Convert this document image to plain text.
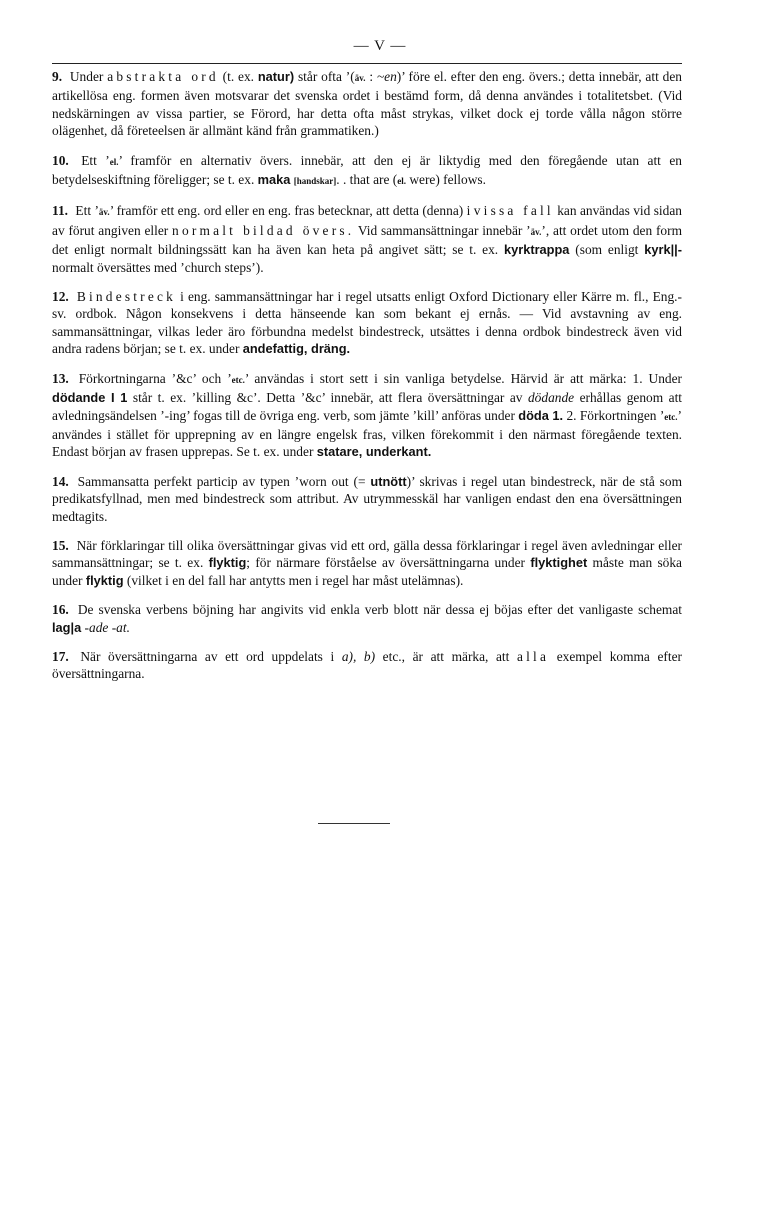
— V —

9. Under abstrakta ord (t. ex. natur) står ofta ’(äv. : ~en)’ före el. efter den eng. övers.; detta innebär, att den artikellösa eng. formen även motsvarar det svenska ordet i bestämd form, då denna användes i totalitetsbet. (Vid nedskärningen av vissa partier, se Förord, har detta ofta måst strykas, vilket dock ej torde vålla någon större olägenhet, då företeelsen är allmänt känd från grammatiken.)

10. Ett ’el.’ framför en alternativ övers. innebär, att den ej är liktydig med den föregående utan att en betydelseskiftning föreligger; se t. ex. maka [handskar]. . that are (el. were) fellows.

11. Ett ’äv.’ framför ett eng. ord eller en eng. fras betecknar, att detta (denna) i vissa fall kan användas vid sidan av förut angiven eller normalt bildad övers. Vid sammansättningar innebär ’äv.’, att ordet utom den form det enligt normalt bildningssätt kan ha även kan heta på angivet sätt; se t. ex. kyrktrappa (som enligt kyrk||- normalt översättes med ’church steps’).

12. Bindestreck i eng. sammansättningar har i regel utsatts enligt Oxford Dictionary eller Kärre m. fl., Eng.-sv. ordbok. Någon konsekvens i detta hänseende kan som bekant ej ernås. — Vid avstavning av eng. sammansättningar, vilkas leder äro förbundna medelst bindestreck, utsättes i denna ordbok bindestreck även vid andra radens början; se t. ex. under andefattig, dräng.

13. Förkortningarna ’&c’ och ’etc.’ användas i stort sett i sin vanliga betydelse. Härvid är att märka: 1. Under dödande I 1 står t. ex. ’killing &c’. Detta ’&c’ innebär, att flera översättningar av dödande erhållas genom att avledningsändelsen ’-ing’ fogas till de övriga eng. verb, som jämte ’kill’ anföras under döda 1. 2. Förkortningen ’etc.’ användes i stället för upprepning av en längre engelsk fras, vilken förekommit i den närmast föregående texten. Endast början av frasen upprepas. Se t. ex. under statare, underkant.

14. Sammansatta perfekt particip av typen ’worn out (= utnött)’ skrivas i regel utan bindestreck, när de stå som predikatsfyllnad, men med bindestreck som attribut. Av utrymmesskäl har vanligen endast den ena översättningen medtagits.

15. När förklaringar till olika översättningar givas vid ett ord, gälla dessa förklaringar i regel även avledningar eller sammansättningar; se t. ex. flyktig; för närmare förståelse av översättningarna under flyktighet måste man söka under flyktig (vilket i en del fall har antytts men i regel har måst utelämnas).

16. De svenska verbens böjning har angivits vid enkla verb blott när dessa ej böjas efter det vanligaste schemat lag|a -ade -at.

17. När översättningarna av ett ord uppdelats i a), b) etc., är att märka, att alla exempel komma efter översättningarna.
